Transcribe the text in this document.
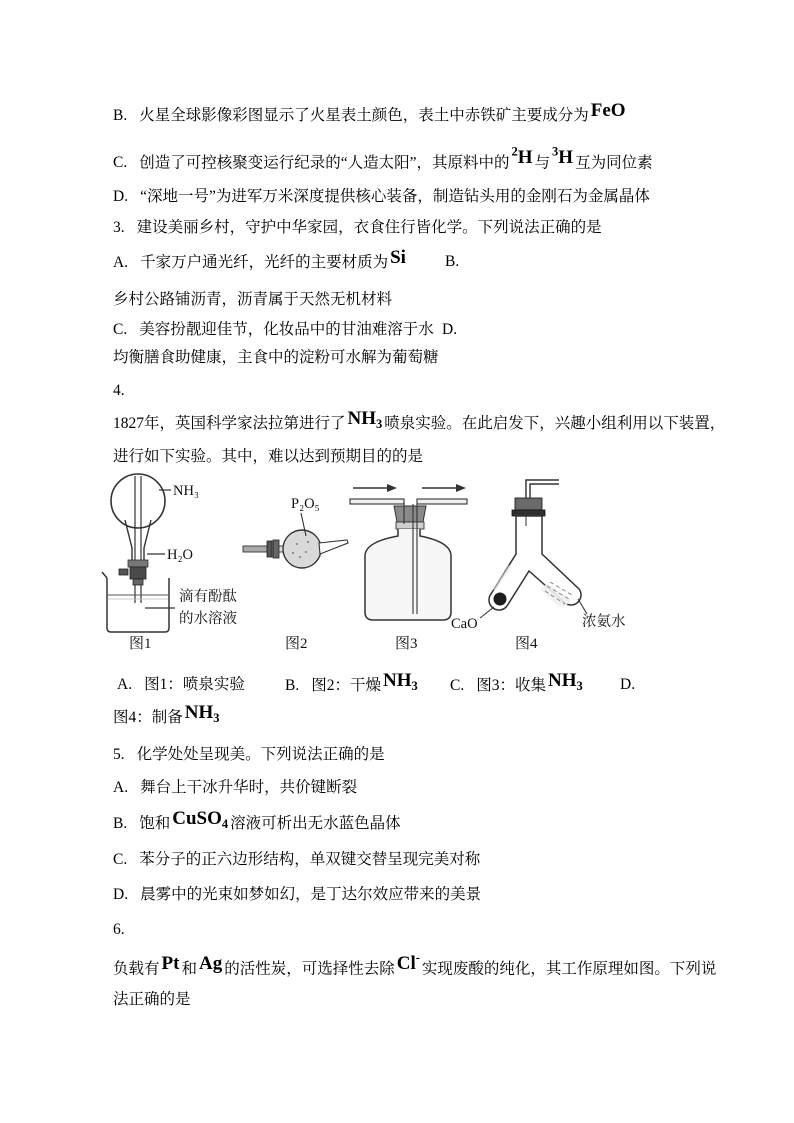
B. 火星全球影像彩图显示了火星表土颜色，表土中赤铁矿主要成分为 FeO
C. 创造了可控核聚变运行纪录的“人造太阳”，其原料中的$^2$H 与$^3$H 互为同位素
D. “深地一号”为进军万米深度提供核心装备，制造钻头用的金刚石为金属晶体
3. 建设美丽乡村，守护中华家园，衣食住行皆化学。下列说法正确的是
A. 千家万户通光纤，光纤的主要材质为 Si	B.
乡村公路铺沥青，沥青属于天然无机材料
C. 美容扮靓迎佳节，化妆品中的甘油难溶于水 D.
均衡膳食助健康，主食中的淀粉可水解为葡萄糖
4.
1827年，英国科学家法拉第进行了 $NH_3$ 喷泉实验。在此启发下，兴趣小组利用以下装置，
进行如下实验。其中，难以达到预期目的的是
NH₃
H₂O
滴有酚酞
的水溶液
图1
P₂O₅
图2	图3
CaO	浓氨水
图4
A. 图1：喷泉实验	B. 图2：干燥 $NH_3$ C. 图3：收集 $NH_3$ D.
图4：制备 $NH_3$
5. 化学处处呈现美。下列说法正确的是
A. 舞台上干冰升华时，共价键断裂
B. 饱和 CuSO$_4$ 溶液可析出无水蓝色晶体
C. 苯分子的正六边形结构，单双键交替呈现完美对称
D. 晨雾中的光束如梦如幻，是丁达尔效应带来的美景
6.
负载有 Pt 和 Ag 的活性炭，可选择性去除 Cl-实现废酸的纯化，其工作原理如图。下列说
法正确的是
